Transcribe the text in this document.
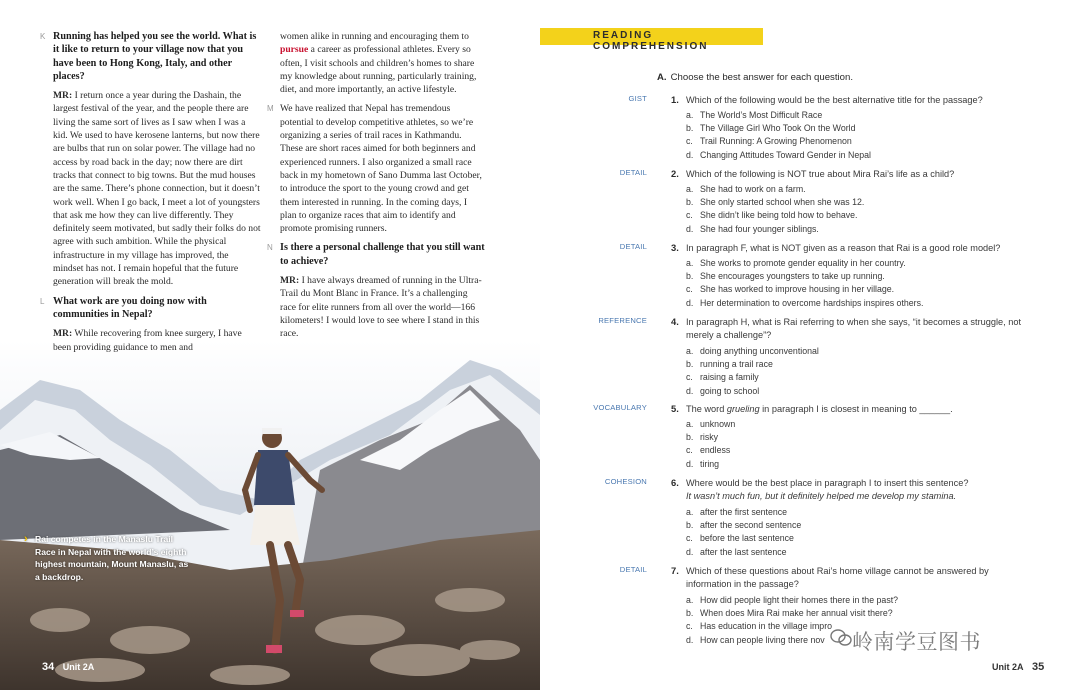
K Running has helped you see the world. What is it like to return to your village now that you have been to Hong Kong, Italy, and other places?
MR: I return once a year during the Dashain, the largest festival of the year, and the people there are living the same sort of lives as I saw when I was a kid. We used to have kerosene lanterns, but now there are bulbs that run on solar power. The village had no access by road back in the day; now there are dirt tracks that connect to big towns. But the mud houses are the same. There’s phone connection, but it doesn’t work well. When I go back, I meet a lot of youngsters that ask me how they can live differently. They definitely seem motivated, but sadly their folks do not agree with such ambition. While the physical infrastructure in my village has improved, the mindset has not. I remain hopeful that the future generation will break the mold.
L What work are you doing now with communities in Nepal?
MR: While recovering from knee surgery, I have been providing guidance to men and
women alike in running and encouraging them to pursue a career as professional athletes. Every so often, I visit schools and children’s homes to share my knowledge about running, particularly training, diet, and more importantly, an active lifestyle.
M We have realized that Nepal has tremendous potential to develop competitive athletes, so we’re organizing a series of trail races in Kathmandu. These are short races aimed for both beginners and experienced runners. I also organized a small race back in my hometown of Sano Dumma last October, to introduce the sport to the young crowd and get them interested in running. In the coming days, I plan to organize races that aim to identify and promote promising runners.
N Is there a personal challenge that you still want to achieve?
MR: I have always dreamed of running in the Ultra-Trail du Mont Blanc in France. It’s a challenging race for elite runners from all over the world—166 kilometers! I would love to see where I stand in this race.
› Rai competes in the Manaslu Trail Race in Nepal with the world’s eighth highest mountain, Mount Manaslu, as a backdrop.
34 Unit 2A
READING COMPREHENSION
A. Choose the best answer for each question.
GIST	1. Which of the following would be the best alternative title for the passage?
a. The World’s Most Difficult Race
b. The Village Girl Who Took On the World
c. Trail Running: A Growing Phenomenon
d. Changing Attitudes Toward Gender in Nepal
DETAIL	2. Which of the following is NOT true about Mira Rai’s life as a child?
a. She had to work on a farm.
b. She only started school when she was 12.
c. She didn’t like being told how to behave.
d. She had four younger siblings.
DETAIL	3. In paragraph F, what is NOT given as a reason that Rai is a good role model?
a. She works to promote gender equality in her country.
b. She encourages youngsters to take up running.
c. She has worked to improve housing in her village.
d. Her determination to overcome hardships inspires others.
REFERENCE	4. In paragraph H, what is Rai referring to when she says, “it becomes a struggle, not merely a challenge”?
a. doing anything unconventional
b. running a trail race
c. raising a family
d. going to school
VOCABULARY	5. The word grueling in paragraph I is closest in meaning to ______.
a. unknown
b. risky
c. endless
d. tiring
COHESION	6. Where would be the best place in paragraph I to insert this sentence?
It wasn’t much fun, but it definitely helped me develop my stamina.
a. after the first sentence
b. after the second sentence
c. before the last sentence
d. after the last sentence
DETAIL	7. Which of these questions about Rai’s home village cannot be answered by information in the passage?
a. How did people light their homes there in the past?
b. When does Mira Rai make her annual visit there?
c. Has education in the village impro
d. How can people living there nov	岭南学豆图书
Unit 2A 35
